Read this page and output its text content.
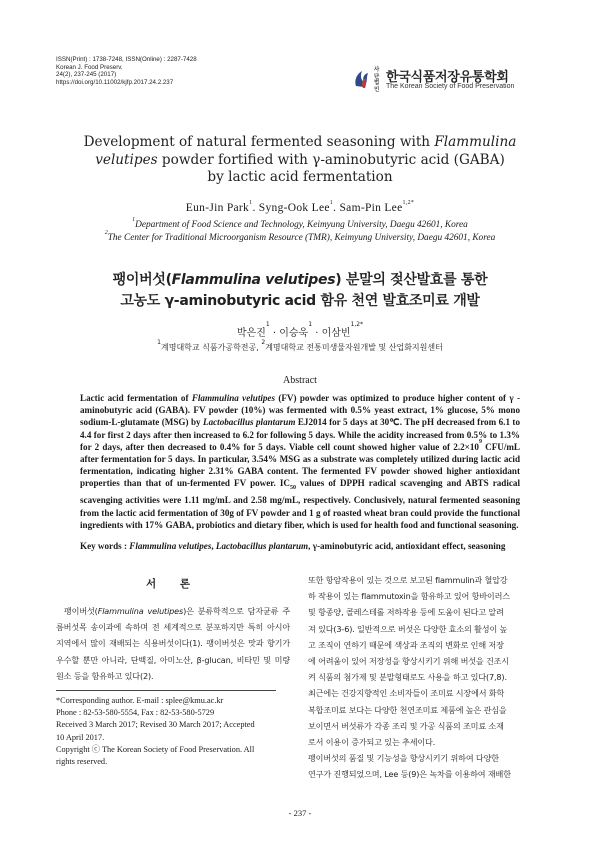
ISSN(Print) : 1738-7248, ISSN(Online) : 2287-7428
Korean J. Food Preserv.
24(2), 237-245 (2017)
https://doi.org/10.11002/kjfp.2017.24.2.237
사단 법인
한국식품저장유통학회
The Korean Society of Food Preservation
Development of natural fermented seasoning with Flammulina
velutipes powder fortified with γ-aminobutyric acid (GABA)
by lactic acid fermentation
Eun-Jin Park$^1$. Syng-Ook Lee$^1$. Sam-Pin Lee$^{1,2*}$
$^1$Department of Food Science and Technology, Keimyung University, Daegu 42601, Korea
$^2$The Center for Traditional Microorganism Resource (TMR), Keimyung University, Daegu 42601, Korea
팽이버섯(Flammulina velutipes) 분말의 젖산발효를 통한
고농도 γ-aminobutyric acid 함유 천연 발효조미료 개발
박은진$^1$ · 이승욱$^1$ · 이삼빈$^{1,2*}$
$^1$계명대학교 식품가공학전공, $^2$계명대학교 전통미생물자원개발 및 산업화지원센터
Abstract
Lactic acid fermentation of Flammulina velutipes (FV) powder was optimized to produce higher content of γ -aminobutyric acid (GABA). FV powder (10%) was fermented with 0.5% yeast extract, 1% glucose, 5% mono sodium-L-glutamate (MSG) by Lactobacillus plantarum EJ2014 for 5 days at 30℃. The pH decreased from 6.1 to 4.4 for first 2 days after then increased to 6.2 for following 5 days. While the acidity increased from 0.5% to 1.3% for 2 days, after then decreased to 0.4% for 5 days. Viable cell count showed higher value of $2.2\times 10^9$ CFU/mL after fermentation for 5 days. In particular, 3.54% MSG as a substrate was completely utilized during lactic acid fermentation, indicating higher 2.31% GABA content. The fermented FV powder showed higher antioxidant properties than that of un-fermented FV power. $IC_{50}$ values of DPPH radical scavenging and ABTS radical scavenging activities were 1.11 mg/mL and 2.58 mg/mL, respectively. Conclusively, natural fermented seasoning from the lactic acid fermentation of 30g of FV powder and 1 g of roasted wheat bran could provide the functional ingredients with 17% GABA, probiotics and dietary fiber, which is used for health food and functional seasoning.
Key words : Flammulina velutipes, Lactobacillus plantarum, γ-aminobutyric acid, antioxidant effect, seasoning
서 론

팽이버섯(Flammulina velutipes)은 분류학적으로 담자균류 주름버섯목 송이과에 속하며 전 세계적으로 분포하지만 특히 아시아 지역에서 많이 재배되는 식용버섯이다(1). 팽이버섯은 맛과 향기가 우수할 뿐만 아니라, 단백질, 아미노산, β-glucan, 비타민 및 미량 원소 등을 함유하고 있다(2).

또한 항암작용이 있는 것으로 보고된 flammulin과 혈압강
하 작용이 있는 flammutoxin을 함유하고 있어 항바이러스
및 항종양, 콜레스테롤 저하작용 등에 도움이 된다고 알려
져 있다(3-6). 일반적으로 버섯은 다양한 효소의 활성이 높
고 조직이 연하기 때문에 색상과 조직의 변화로 인해 저장
에 어려움이 있어 저장성을 향상시키기 위해 버섯을 건조시
켜 식품의 첨가제 및 분말형태로도 사용을 하고 있다(7,8).
최근에는 건강지향적인 소비자들이 조미료 시장에서 화학
복합조미료 보다는 다양한 천연조미료 제품에 높은 관심을
보이면서 버섯류가 각종 조리 및 가공 식품의 조미료 소재
로서 이용이 증가되고 있는 추세이다.
팽이버섯의 품질 및 기능성을 향상시키기 위하여 다양한
연구가 진행되었으며, Lee 등(9)은 녹차를 이용하여 재배한
*Corresponding author. E-mail : splee@kmu.ac.kr
Phone : 82-53-580-5554, Fax : 82-53-580-5729
Received 3 March 2017; Revised 30 March 2017; Accepted
10 April 2017.
Copyright ⓒ The Korean Society of Food Preservation. All
rights reserved.
- 237 -
